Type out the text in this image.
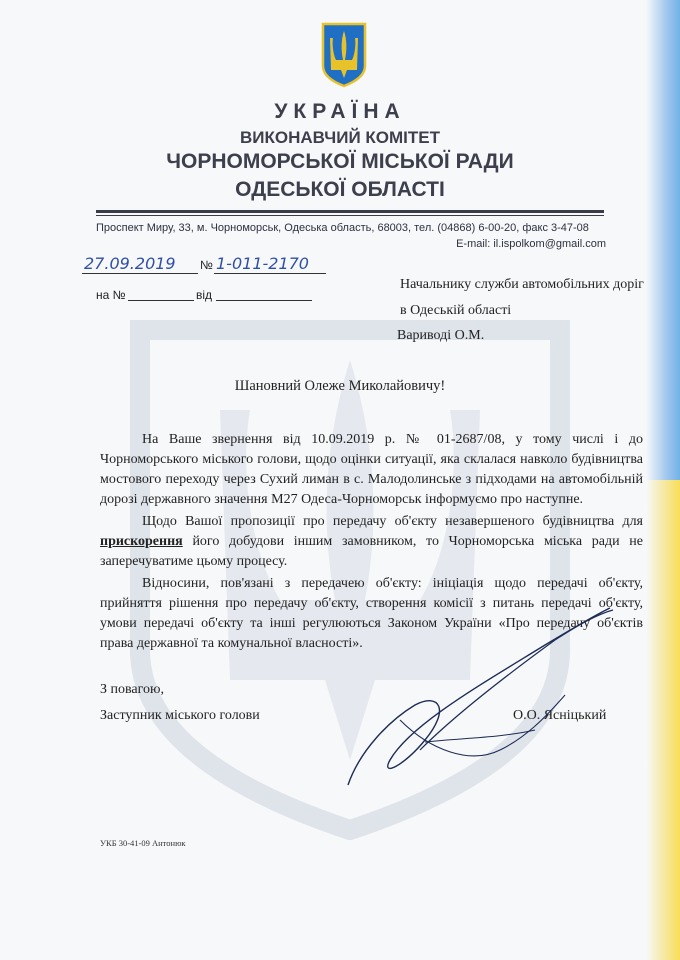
УКРАЇНА
ВИКОНАВЧИЙ КОМІТЕТ
ЧОРНОМОРСЬКОЇ МІСЬКОЇ РАДИ
ОДЕСЬКОЇ ОБЛАСТІ
Проспект Миру, 33, м. Чорноморськ, Одеська область, 68003, тел. (04868) 6-00-20, факс 3-47-08
E-mail: il.ispolkom@gmail.com
27.09.2019 № 1-011-2170
на №	від
Начальнику служби автомобільних доріг
в Одеській області
Вариводі О.М.
Шановний Олеже Миколайовичу!

На Ваше звернення від 10.09.2019 р. № 01-2687/08, у тому числі і до Чорноморського міського голови, щодо оцінки ситуації, яка склалася навколо будівництва мостового переходу через Сухий лиман в с. Малодолинське з підходами на автомобільній дорозі державного значення М27 Одеса-Чорноморськ інформуємо про наступне.

Щодо Вашої пропозиції про передачу об'єкту незавершеного будівництва для прискорення його добудови іншим замовником, то Чорноморська міська ради не заперечуватиме цьому процесу.

Відносини, пов'язані з передачею об'єкту: ініціація щодо передачі об'єкту, прийняття рішення про передачу об'єкту, створення комісії з питань передачі об'єкту, умови передачі об'єкту та інші регулюються Законом України «Про передачу об'єктів права державної та комунальної власності».

З повагою,
Заступник міського голови	О.О. Ясніцький
УКБ 30-41-09 Антонюк
